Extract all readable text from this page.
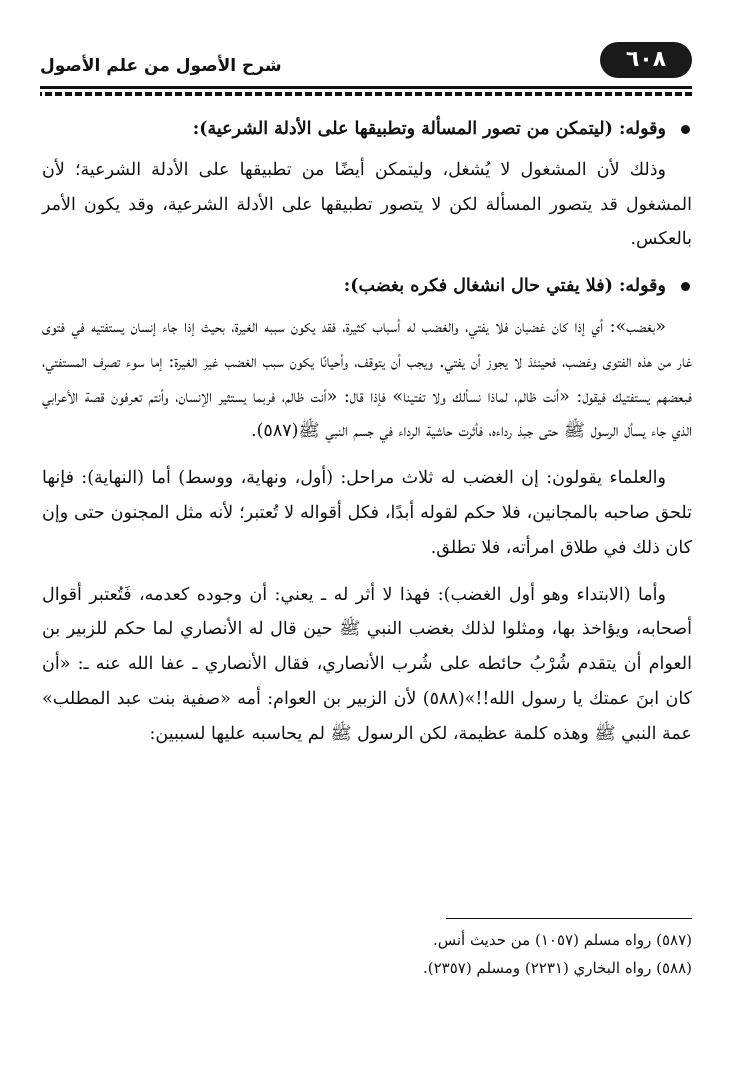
٦٠٨
شرح الأصول من علم الأصول

وقوله: (ليتمكن من تصور المسألة وتطبيقها على الأدلة الشرعية):

وذلك لأن المشغول لا يُشغل، وليتمكن أيضًا من تطبيقها على الأدلة الشرعية؛ لأن المشغول قد يتصور المسألة لكن لا يتصور تطبيقها على الأدلة الشرعية، وقد يكون الأمر بالعكس.

وقوله: (فلا يفتي حال انشغال فكره بغضب):

«بغضب»: أي إذا كان غضبان فلا يفتي، والغضب له أسباب كثيرة، فقد يكون سببه الغيرة، بحيث إذا جاء إنسان يستفتيه في فتوى غار من هذه الفتوى وغضب، فحينئذ لا يجوز أن يفتي. ويجب أن يتوقف، وأحيانًا يكون سبب الغضب غير الغيرة: إما سوء تصرف المستفتي، فبعضهم يستفتيك فيقول: «أنت ظالم، لماذا نسألك ولا تفتينا» فإذا قال: «أنت ظالم، فربما يستثير الإنسان، وأنتم تعرفون قصة الأعرابي الذي جاء يسأل الرسول ﷺ حتى جبذ رداءه، فأثرت حاشية الرداء في جسم النبي ﷺ(٥٨٧).

والعلماء يقولون: إن الغضب له ثلاث مراحل: (أول، ونهاية، ووسط) أما (النهاية): فإنها تلحق صاحبه بالمجانين، فلا حكم لقوله أبدًا، فكل أقواله لا تُعتبر؛ لأنه مثل المجنون حتى وإن كان ذلك في طلاق امرأته، فلا تطلق.

وأما (الابتداء وهو أول الغضب): فهذا لا أثر له ـ يعني: أن وجوده كعدمه، فَتُعتبر أقوال أصحابه، ويؤاخذ بها، ومثلوا لذلك بغضب النبي ﷺ حين قال له الأنصاري لما حكم للزبير بن العوام أن يتقدم شُرْبُ حائطه على شُرب الأنصاري، فقال الأنصاري ـ عفا الله عنه ـ: «أن كان ابنَ عمتك يا رسول الله!!»(٥٨٨) لأن الزبير بن العوام: أمه «صفية بنت عبد المطلب» عمة النبي ﷺ وهذه كلمة عظيمة، لكن الرسول ﷺ لم يحاسبه عليها لسببين:

(٥٨٧) رواه مسلم (١٠٥٧) من حديث أنس.
(٥٨٨) رواه البخاري (٢٢٣١) ومسلم (٢٣٥٧).
